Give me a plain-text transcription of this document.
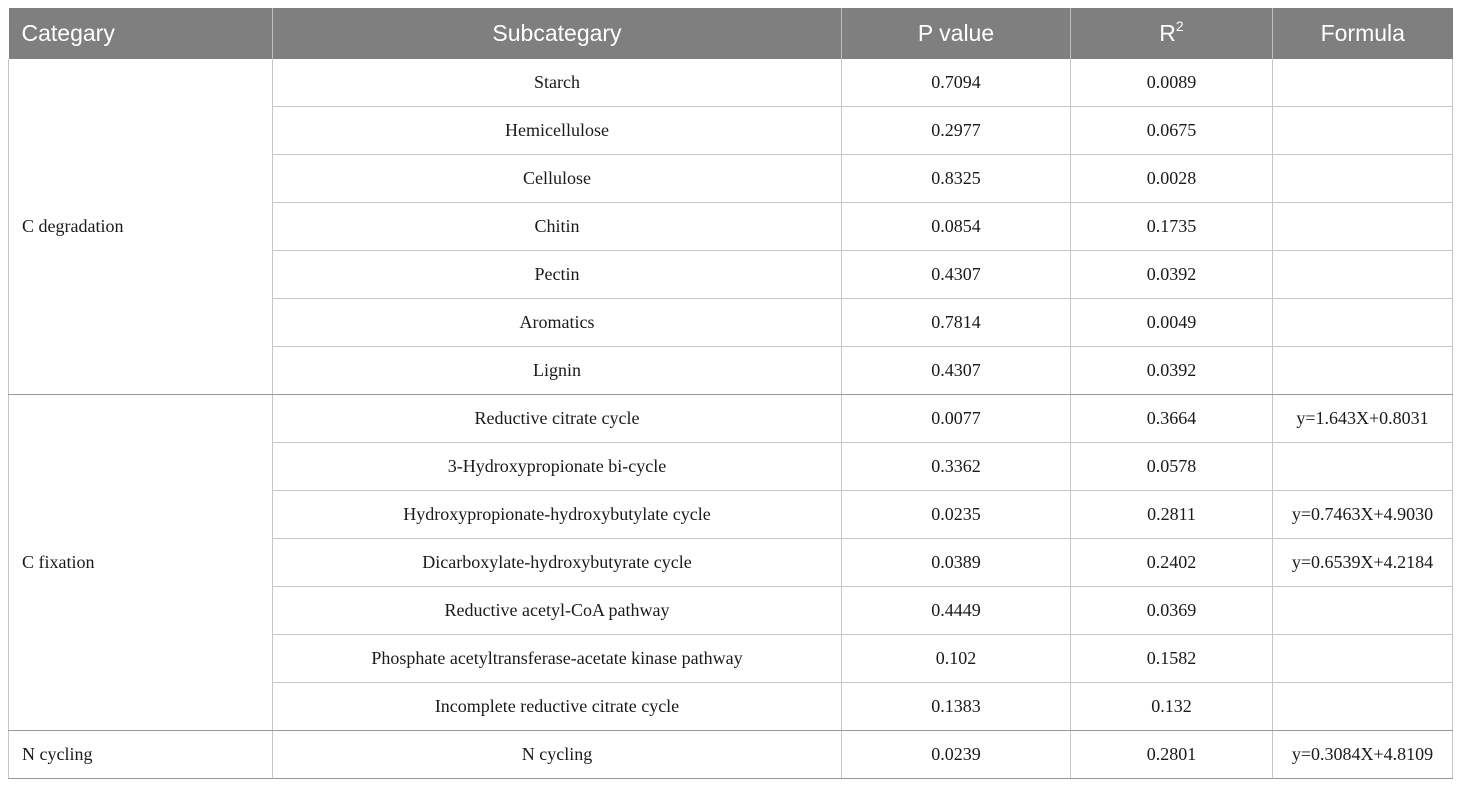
Categary	Subcategary	P value	$R^2$	Formula
C degradation	Starch	0.7094	0.0089	
	Hemicellulose	0.2977	0.0675	
	Cellulose	0.8325	0.0028	
	Chitin	0.0854	0.1735	
	Pectin	0.4307	0.0392	
	Aromatics	0.7814	0.0049	
	Lignin	0.4307	0.0392	
C fixation	Reductive citrate cycle	0.0077	0.3664	y=1.643X+0.8031
	3-Hydroxypropionate bi-cycle	0.3362	0.0578	
	Hydroxypropionate-hydroxybutylate cycle	0.0235	0.2811	y=0.7463X+4.9030
	Dicarboxylate-hydroxybutyrate cycle	0.0389	0.2402	y=0.6539X+4.2184
	Reductive acetyl-CoA pathway	0.4449	0.0369	
	Phosphate acetyltransferase-acetate kinase pathway	0.102	0.1582	
	Incomplete reductive citrate cycle	0.1383	0.132	
N cycling	N cycling	0.0239	0.2801	y=0.3084X+4.8109
